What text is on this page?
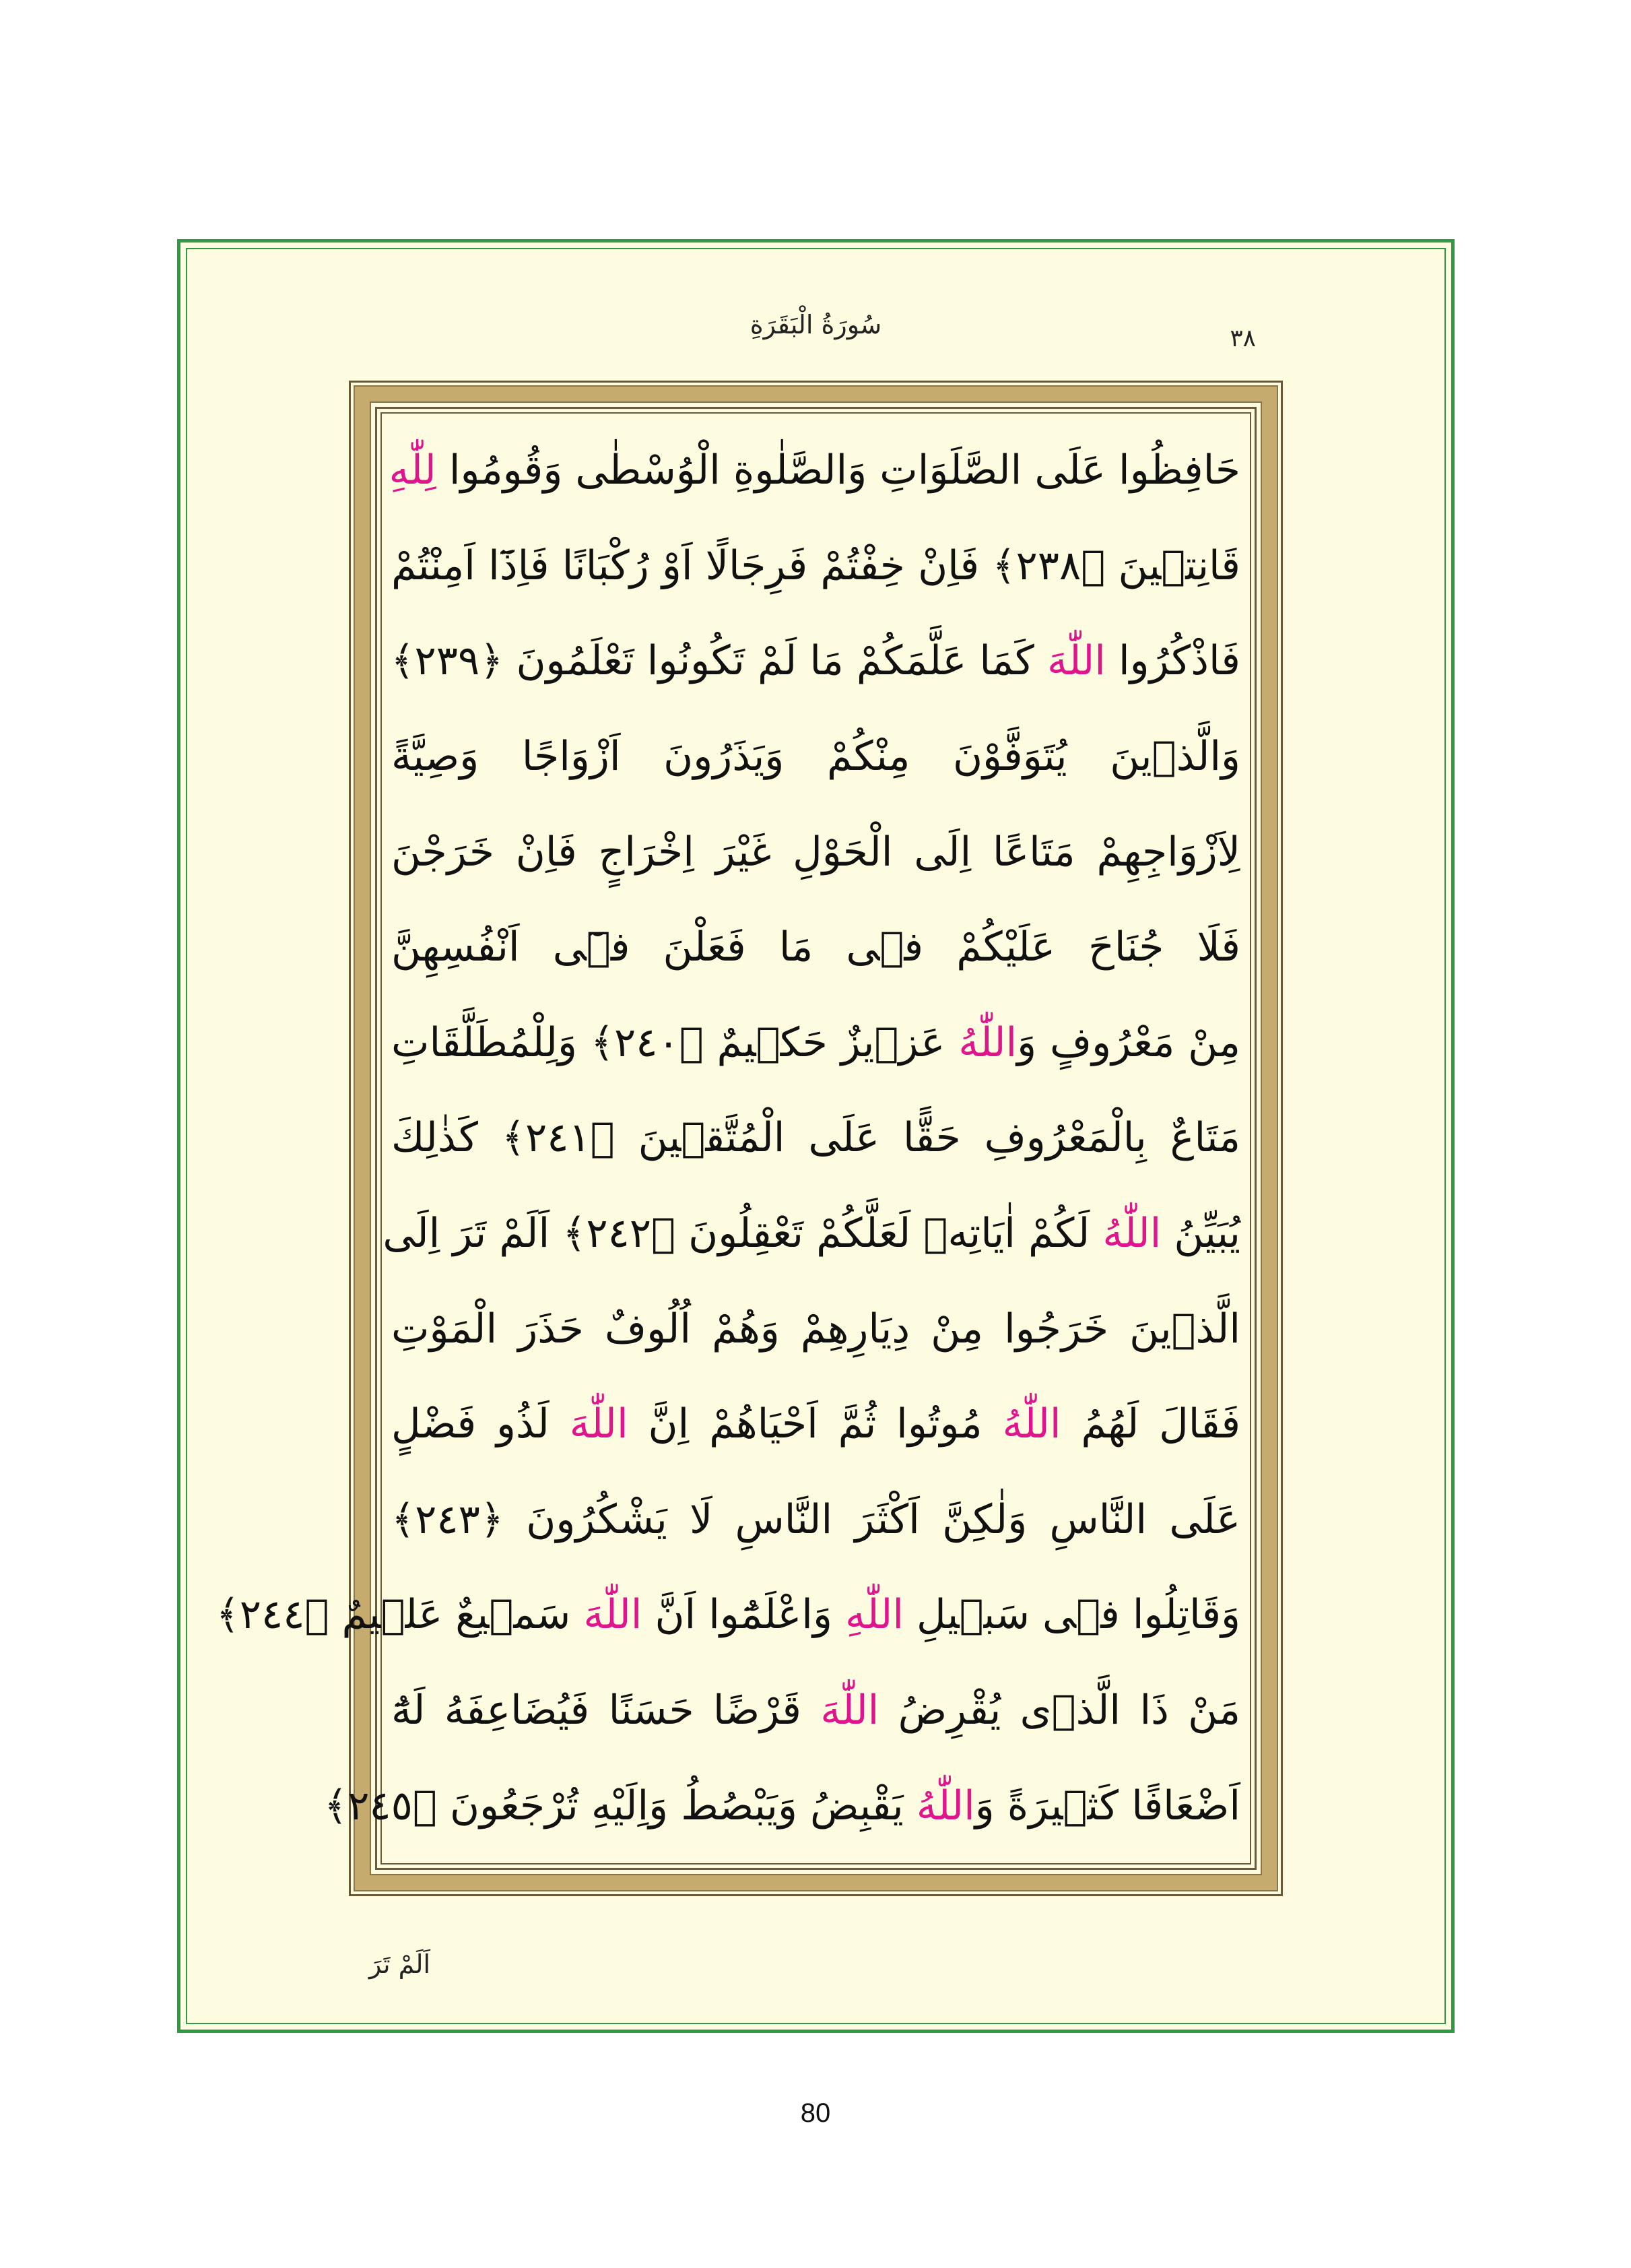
سُورَةُ الْبَقَرَةِ	٣٨
حَافِظُوا عَلَى الصَّلَوَاتِ وَالصَّلٰوةِ الْوُسْطٰى وَقُومُوا لِلّٰهِ
قَانِتٖينَ ﴿٢٣٨﴾ فَاِنْ خِفْتُمْ فَرِجَالًا اَوْ رُكْبَانًا فَاِذَٓا اَمِنْتُمْ
فَاذْكُرُوا اللّٰهَ كَمَا عَلَّمَكُمْ مَا لَمْ تَكُونُوا تَعْلَمُونَ ﴿٢٣٩﴾
وَالَّذٖينَ يُتَوَفَّوْنَ مِنْكُمْ وَيَذَرُونَ اَزْوَاجًا وَصِيَّةً
لِاَزْوَاجِهِمْ مَتَاعًا اِلَى الْحَوْلِ غَيْرَ اِخْرَاجٍ فَاِنْ خَرَجْنَ
فَلَا جُنَاحَ عَلَيْكُمْ فٖى مَا فَعَلْنَ فٖٓى اَنْفُسِهِنَّ
مِنْ مَعْرُوفٍ وَاللّٰهُ عَزٖيزٌ حَكٖيمٌ ﴿٢٤٠﴾ وَلِلْمُطَلَّقَاتِ
مَتَاعٌ بِالْمَعْرُوفِ حَقًّا عَلَى الْمُتَّقٖينَ ﴿٢٤١﴾ كَذٰلِكَ
يُبَيِّنُ اللّٰهُ لَكُمْ اٰيَاتِهٖ لَعَلَّكُمْ تَعْقِلُونَ ﴿٢٤٢﴾ اَلَمْ تَرَ اِلَى
الَّذٖينَ خَرَجُوا مِنْ دِيَارِهِمْ وَهُمْ اُلُوفٌ حَذَرَ الْمَوْتِ
فَقَالَ لَهُمُ اللّٰهُ مُوتُوا ثُمَّ اَحْيَاهُمْ اِنَّ اللّٰهَ لَذُو فَضْلٍ
عَلَى النَّاسِ وَلٰكِنَّ اَكْثَرَ النَّاسِ لَا يَشْكُرُونَ ﴿٢٤٣﴾
وَقَاتِلُوا فٖى سَبٖيلِ اللّٰهِ وَاعْلَمُٓوا اَنَّ اللّٰهَ سَمٖيعٌ عَلٖيمٌ ﴿٢٤٤﴾
مَنْ ذَا الَّذٖى يُقْرِضُ اللّٰهَ قَرْضًا حَسَنًا فَيُضَاعِفَهُ لَهُٓ
اَضْعَافًا كَثٖيرَةً وَاللّٰهُ يَقْبِضُ وَيَبْصُطُ وَاِلَيْهِ تُرْجَعُونَ ﴿٢٤٥﴾
اَلَمْ تَرَ
80
